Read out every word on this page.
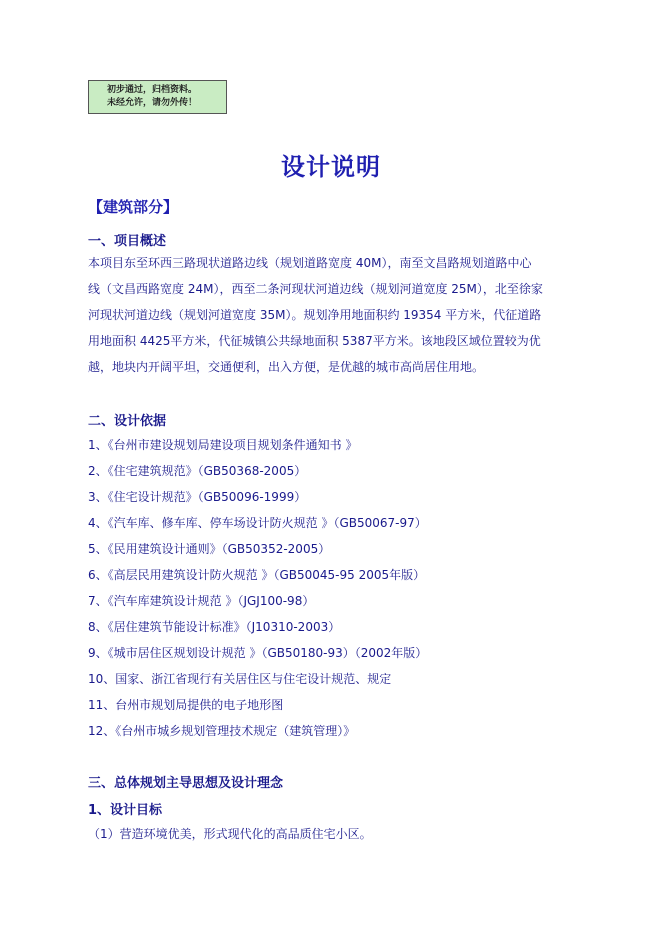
初步通过，归档资料。
未经允许，请勿外传！
设计说明
【建筑部分】
一、项目概述
本项目东至环西三路现状道路边线（规划道路宽度 40M），南至文昌路规划道路中心
线（文昌西路宽度 24M），西至二条河现状河道边线（规划河道宽度 25M），北至徐家
河现状河道边线（规划河道宽度 35M）。规划净用地面积约 19354 平方米，代征道路
用地面积 4425平方米，代征城镇公共绿地面积 5387平方米。该地段区域位置较为优
越，地块内开阔平坦，交通便利，出入方便，是优越的城市高尚居住用地。
二、设计依据
1、《台州市建设规划局建设项目规划条件通知书 》
2、《住宅建筑规范》（GB50368-2005）
3、《住宅设计规范》（GB50096-1999）
4、《汽车库、修车库、停车场设计防火规范 》（GB50067-97）
5、《民用建筑设计通则》（GB50352-2005）
6、《高层民用建筑设计防火规范 》（GB50045-95 2005年版）
7、《汽车库建筑设计规范 》（JGJ100-98）
8、《居住建筑节能设计标准》（J10310-2003）
9、《城市居住区规划设计规范 》（GB50180-93）（2002年版）
10、国家、浙江省现行有关居住区与住宅设计规范、规定
11、台州市规划局提供的电子地形图
12、《台州市城乡规划管理技术规定（建筑管理）》
三、总体规划主导思想及设计理念
1、设计目标
（1）营造环境优美，形式现代化的高品质住宅小区。
